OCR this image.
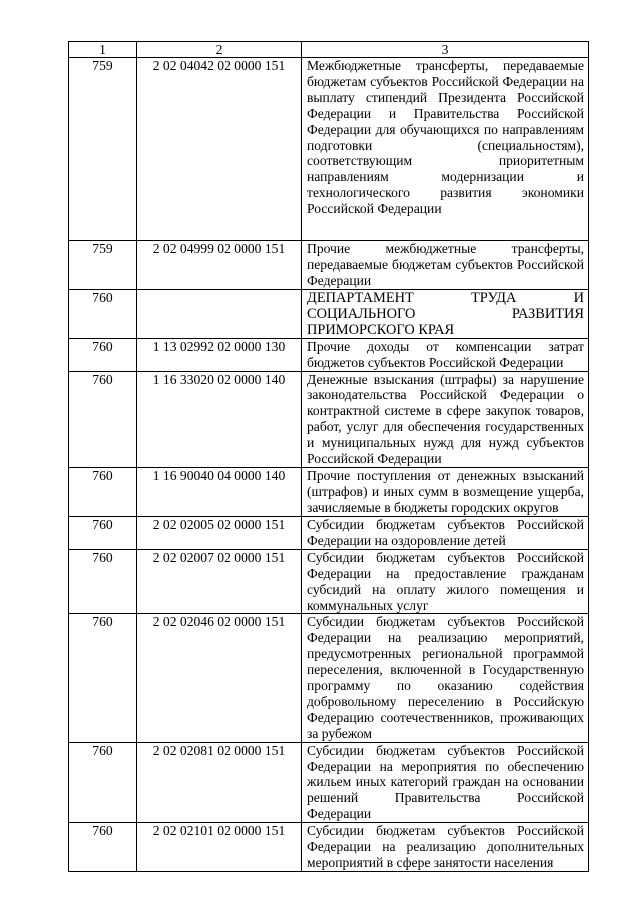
1	2	3
759	2 02 04042 02 0000 151	Межбюджетные трансферты, передаваемые бюджетам субъектов Российской Федерации на выплату стипендий Президента Российской Федерации и Правительства Российской Федерации для обучающихся по направлениям подготовки (специальностям), соответствующим приоритетным направлениям модернизации и технологического развития экономики Российской Федерации
759	2 02 04999 02 0000 151	Прочие межбюджетные трансферты, передаваемые бюджетам субъектов Российской Федерации
760		ДЕПАРТАМЕНТ ТРУДА И СОЦИАЛЬНОГО РАЗВИТИЯ ПРИМОРСКОГО КРАЯ
760	1 13 02992 02 0000 130	Прочие доходы от компенсации затрат бюджетов субъектов Российской Федерации
760	1 16 33020 02 0000 140	Денежные взыскания (штрафы) за нарушение законодательства Российской Федерации о контрактной системе в сфере закупок товаров, работ, услуг для обеспечения государственных и муниципальных нужд для нужд субъектов Российской Федерации
760	1 16 90040 04 0000 140	Прочие поступления от денежных взысканий (штрафов) и иных сумм в возмещение ущерба, зачисляемые в бюджеты городских округов
760	2 02 02005 02 0000 151	Субсидии бюджетам субъектов Российской Федерации на оздоровление детей
760	2 02 02007 02 0000 151	Субсидии бюджетам субъектов Российской Федерации на предоставление гражданам субсидий на оплату жилого помещения и коммунальных услуг
760	2 02 02046 02 0000 151	Субсидии бюджетам субъектов Российской Федерации на реализацию мероприятий, предусмотренных региональной программой переселения, включенной в Государственную программу по оказанию содействия добровольному переселению в Российскую Федерацию соотечественников, проживающих за рубежом
760	2 02 02081 02 0000 151	Субсидии бюджетам субъектов Российской Федерации на мероприятия по обеспечению жильем иных категорий граждан на основании решений Правительства Российской Федерации
760	2 02 02101 02 0000 151	Субсидии бюджетам субъектов Российской Федерации на реализацию дополнительных мероприятий в сфере занятости населения
